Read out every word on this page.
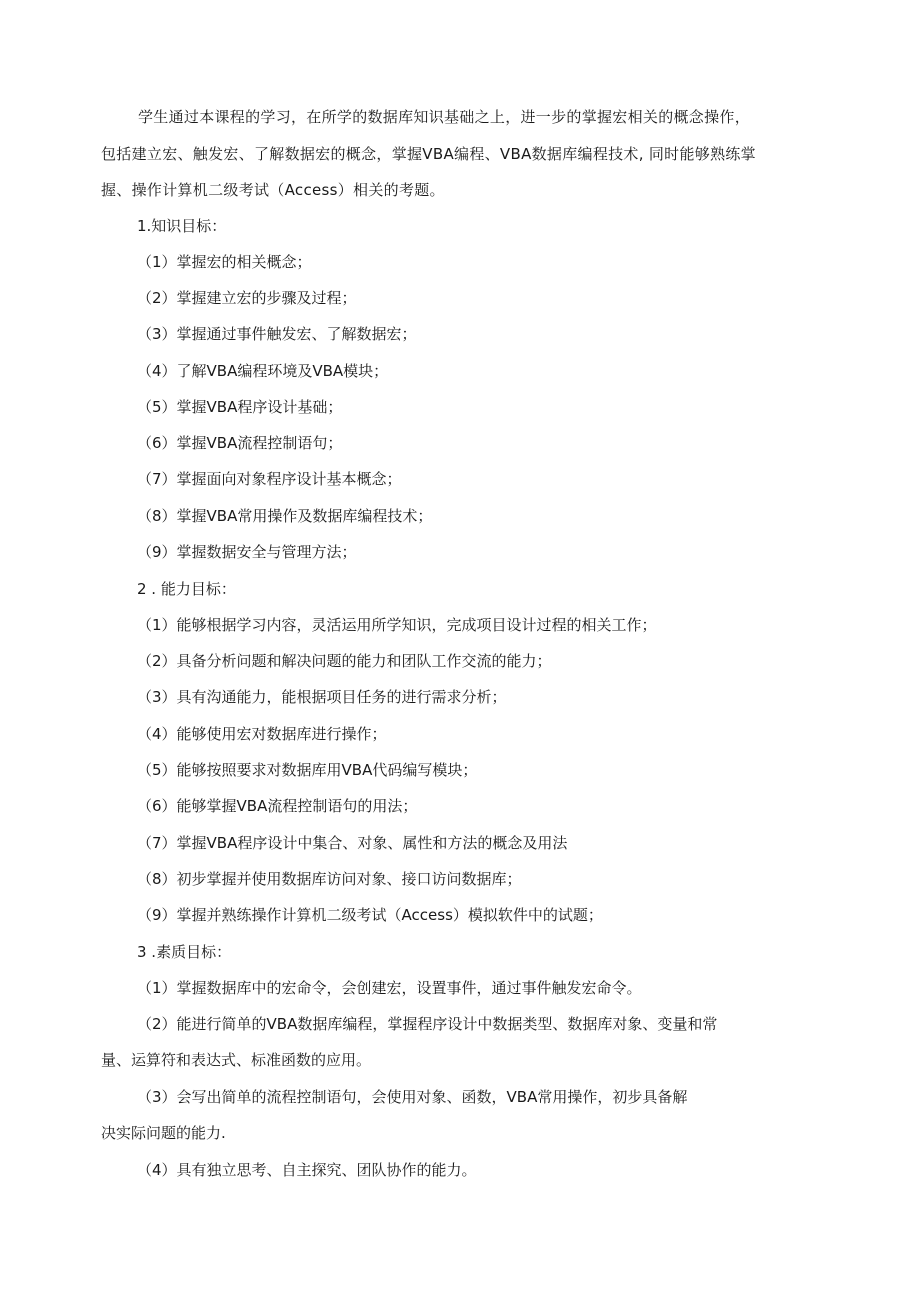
学生通过本课程的学习，在所学的数据库知识基础之上，进一步的掌握宏相关的概念操作，
包括建立宏、触发宏、了解数据宏的概念，掌握VBA编程、VBA数据库编程技术, 同时能够熟练掌
握、操作计算机二级考试（Access）相关的考题。
1.知识目标：
（1）掌握宏的相关概念；
（2）掌握建立宏的步骤及过程；
（3）掌握通过事件触发宏、了解数据宏；
（4）了解VBA编程环境及VBA模块；
（5）掌握VBA程序设计基础；
（6）掌握VBA流程控制语句；
（7）掌握面向对象程序设计基本概念；
（8）掌握VBA常用操作及数据库编程技术；
（9）掌握数据安全与管理方法；
2 . 能力目标：
（1）能够根据学习内容，灵活运用所学知识，完成项目设计过程的相关工作；
（2）具备分析问题和解决问题的能力和团队工作交流的能力；
（3）具有沟通能力，能根据项目任务的进行需求分析；
（4）能够使用宏对数据库进行操作；
（5）能够按照要求对数据库用VBA代码编写模块；
（6）能够掌握VBA流程控制语句的用法；
（7）掌握VBA程序设计中集合、对象、属性和方法的概念及用法
（8）初步掌握并使用数据库访问对象、接口访问数据库；
（9）掌握并熟练操作计算机二级考试（Access）模拟软件中的试题；
3 .素质目标：
（1）掌握数据库中的宏命令，会创建宏，设置事件，通过事件触发宏命令。
（2）能进行简单的VBA数据库编程，掌握程序设计中数据类型、数据库对象、变量和常
量、运算符和表达式、标准函数的应用。
（3）会写出简单的流程控制语句，会使用对象、函数，VBA常用操作，初步具备解
决实际问题的能力.
（4）具有独立思考、自主探究、团队协作的能力。
